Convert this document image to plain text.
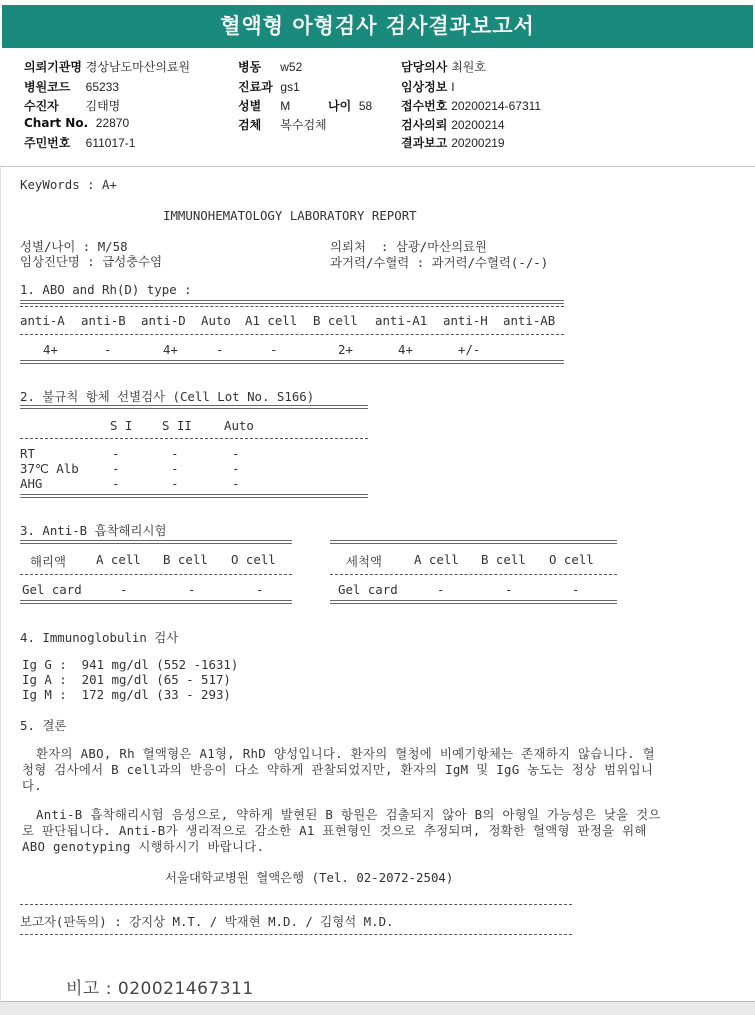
혈액형 아형검사 검사결과보고서
의뢰기관명 경상남도마산의료원
병원코드 65233
수진자 김태명
Chart No. 22870
주민번호 611017-1
병동 w52
진료과 gs1
성별 M	나이 58
검체 복수검체
담당의사 최원호
임상정보 I
접수번호 20200214-67311
검사의뢰 20200214
결과보고 20200219
KeyWords : A+
IMMUNOHEMATOLOGY LABORATORY REPORT
성별/나이 : M/58	의뢰처  : 삼광/마산의료원
임상진단명 : 급성충수염	과거력/수혈력 : 과거력/수혈력(-/-)
1. ABO and Rh(D) type :
anti-A anti-B anti-D Auto A1 cell B cell anti-A1 anti-H anti-AB
4+	-	4+	-	-	2+	4+	+/-
2. 불규칙 항체 선별검사 (Cell Lot No. S166)
S I S II	Auto
RT	-	-	-
37℃ Alb	-	-	-
AHG	-	-	-
3. Anti-B 흡착해리시험
해리액 A cell B cell O cell	세척액	A cell B cell O cell
Gel card	-	-	-	Gel card	-	-	-
4. Immunoglobulin 검사
Ig G :  941 mg/dl (552 -1631)
Ig A :  201 mg/dl (65 - 517)
Ig M :  172 mg/dl (33 - 293)
5. 결론
환자의 ABO, Rh 혈액형은 A1형, RhD 양성입니다. 환자의 혈청에 비예기항체는 존재하지 않습니다. 혈청형 검사에서 B cell과의 반응이 다소 약하게 관찰되었지만, 환자의 IgM 및 IgG 농도는 정상 범위입니다.
Anti-B 흡착해리시험 음성으로, 약하게 발현된 B 항원은 검출되지 않아 B의 아형일 가능성은 낮을 것으로 판단됩니다. Anti-B가 생리적으로 감소한 A1 표현형인 것으로 추정되며, 정확한 혈액형 판정을 위해 ABO genotyping 시행하시기 바랍니다.
서울대학교병원 혈액은행 (Tel. 02-2072-2504)
보고자(판독의) : 강지상 M.T. / 박재현 M.D. / 김형석 M.D.
비고 : 020021467311
